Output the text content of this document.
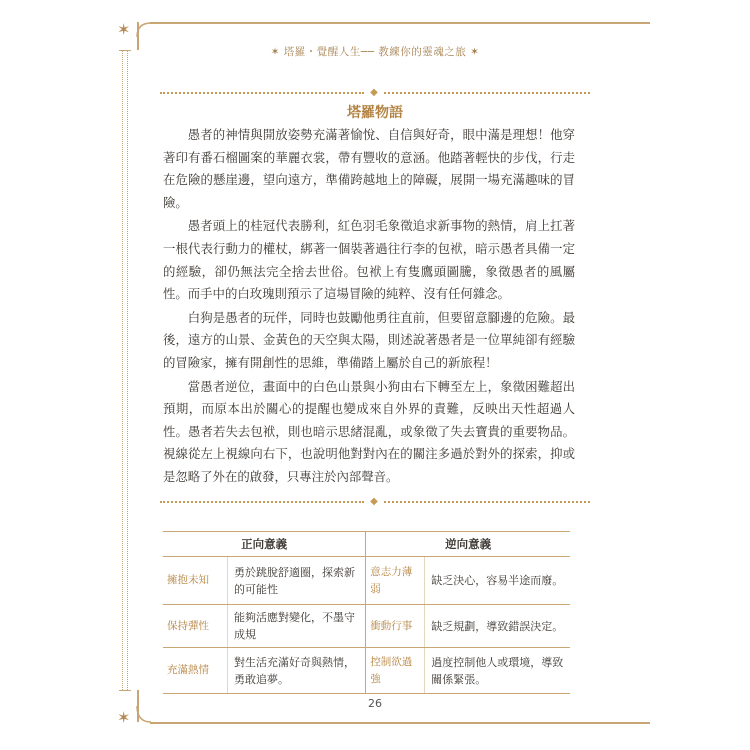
✶
✶
✶ 塔羅・覺醒人生── 教練你的靈魂之旅 ✶
◆
塔羅物語

愚者的神情與開放姿勢充滿著愉悅、自信與好奇，眼中滿是理想！他穿著印有番石榴圖案的華麗衣裳，帶有豐收的意涵。他踏著輕快的步伐，行走在危險的懸崖邊，望向遠方，準備跨越地上的障礙，展開一場充滿趣味的冒險。

愚者頭上的桂冠代表勝利，紅色羽毛象徵追求新事物的熱情，肩上扛著一根代表行動力的權杖，綁著一個裝著過往行李的包袱，暗示愚者具備一定的經驗，卻仍無法完全捨去世俗。包袱上有隻鷹頭圖騰，象徵愚者的風屬性。而手中的白玫瑰則預示了這場冒險的純粹、沒有任何雜念。

白狗是愚者的玩伴，同時也鼓勵他勇往直前，但要留意腳邊的危險。最後，遠方的山景、金黃色的天空與太陽，則述說著愚者是一位單純卻有經驗的冒險家，擁有開創性的思維，準備踏上屬於自己的新旅程！

當愚者逆位，畫面中的白色山景與小狗由右下轉至左上，象徵困難超出預期，而原本出於關心的提醒也變成來自外界的責難，反映出天性超過人性。愚者若失去包袱，則也暗示思緒混亂，或象徵了失去寶貴的重要物品。視線從左上視線向右下，也說明他對對內在的關注多過於對外的探索，抑或是忽略了外在的啟發，只專注於內部聲音。

◆
正向意義		逆向意義	
擁抱未知	勇於跳脫舒適圈，探索新的可能性	意志力薄弱	缺乏決心，容易半途而廢。
保持彈性	能夠活應對變化，不墨守成規	衝動行事	缺乏規劃，導致錯誤決定。
充滿熱情	對生活充滿好奇與熱情，勇敢追夢。	控制欲過強	過度控制他人或環境，導致關係緊張。
26
